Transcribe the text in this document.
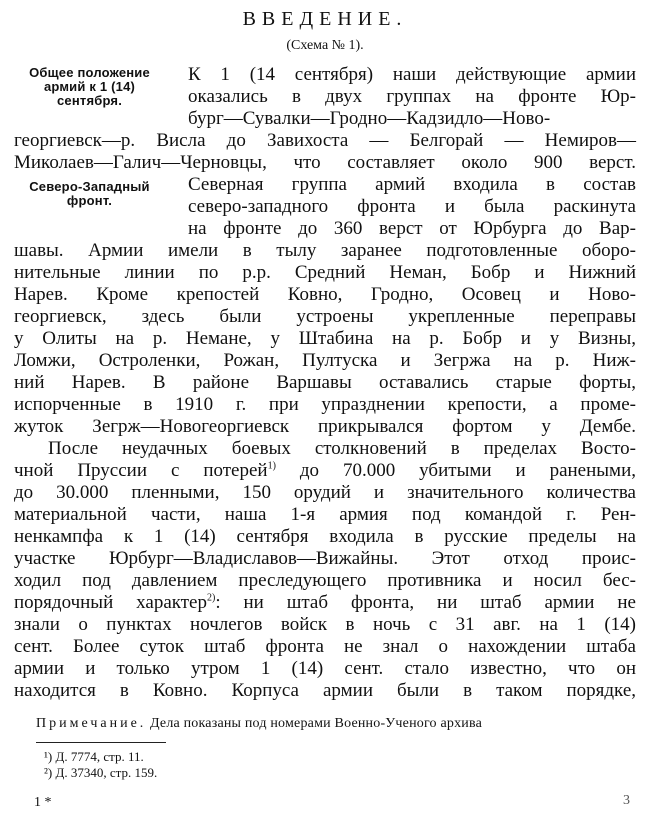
ВВЕДЕНИЕ.
(Схема № 1).
Общее положение армий к 1 (14) сентября.
Северо-Западный фронт.
К 1 (14 сентября) наши действующие армии
оказались в двух группах на фронте Юр-
бург—Сувалки—Гродно—Кадзидло—Ново-
георгиевск—р. Висла до Завихоста — Белгорай — Немиров—
Миколаев—Галич—Черновцы, что составляет около 900 верст.
Северная группа армий входила в состав
северо-западного фронта и была раскинута
на фронте до 360 верст от Юрбурга до Вар-
шавы. Армии имели в тылу заранее подготовленные оборо-
нительные линии по р.р. Средний Неман, Бобр и Нижний
Нарев. Кроме крепостей Ковно, Гродно, Осовец и Ново-
георгиевск, здесь были устроены укрепленные переправы
у Олиты на р. Немане, у Штабина на р. Бобр и у Визны,
Ломжи, Остроленки, Рожан, Пултуска и Зегржа на р. Ниж-
ний Нарев. В районе Варшавы оставались старые форты,
испорченные в 1910 г. при упразднении крепости, а проме-
жуток Зегрж—Новогеоргиевск прикрывался фортом у Дембе.
После неудачных боевых столкновений в пределах Восто-
чной Пруссии с потерей$^{1)}$ до 70.000 убитыми и ранеными,
до 30.000 пленными, 150 орудий и значительного количества
материальной части, наша 1-я армия под командой г. Рен-
ненкампфа к 1 (14) сентября входила в русские пределы на
участке Юрбург—Владиславов—Вижайны. Этот отход проис-
ходил под давлением преследующего противника и носил бес-
порядочный характер$^{2)}$: ни штаб фронта, ни штаб армии не
знали о пунктах ночлегов войск в ночь с 31 авг. на 1 (14)
сент. Более суток штаб фронта не знал о нахождении штаба
армии и только утром 1 (14) сент. стало известно, что он
находится в Ковно. Корпуса армии были в таком порядке,
Примечание. Дела показаны под номерами Военно-Ученого архива
¹) Д. 7774, стр. 11.
²) Д. 37340, стр. 159.
1 *	3
